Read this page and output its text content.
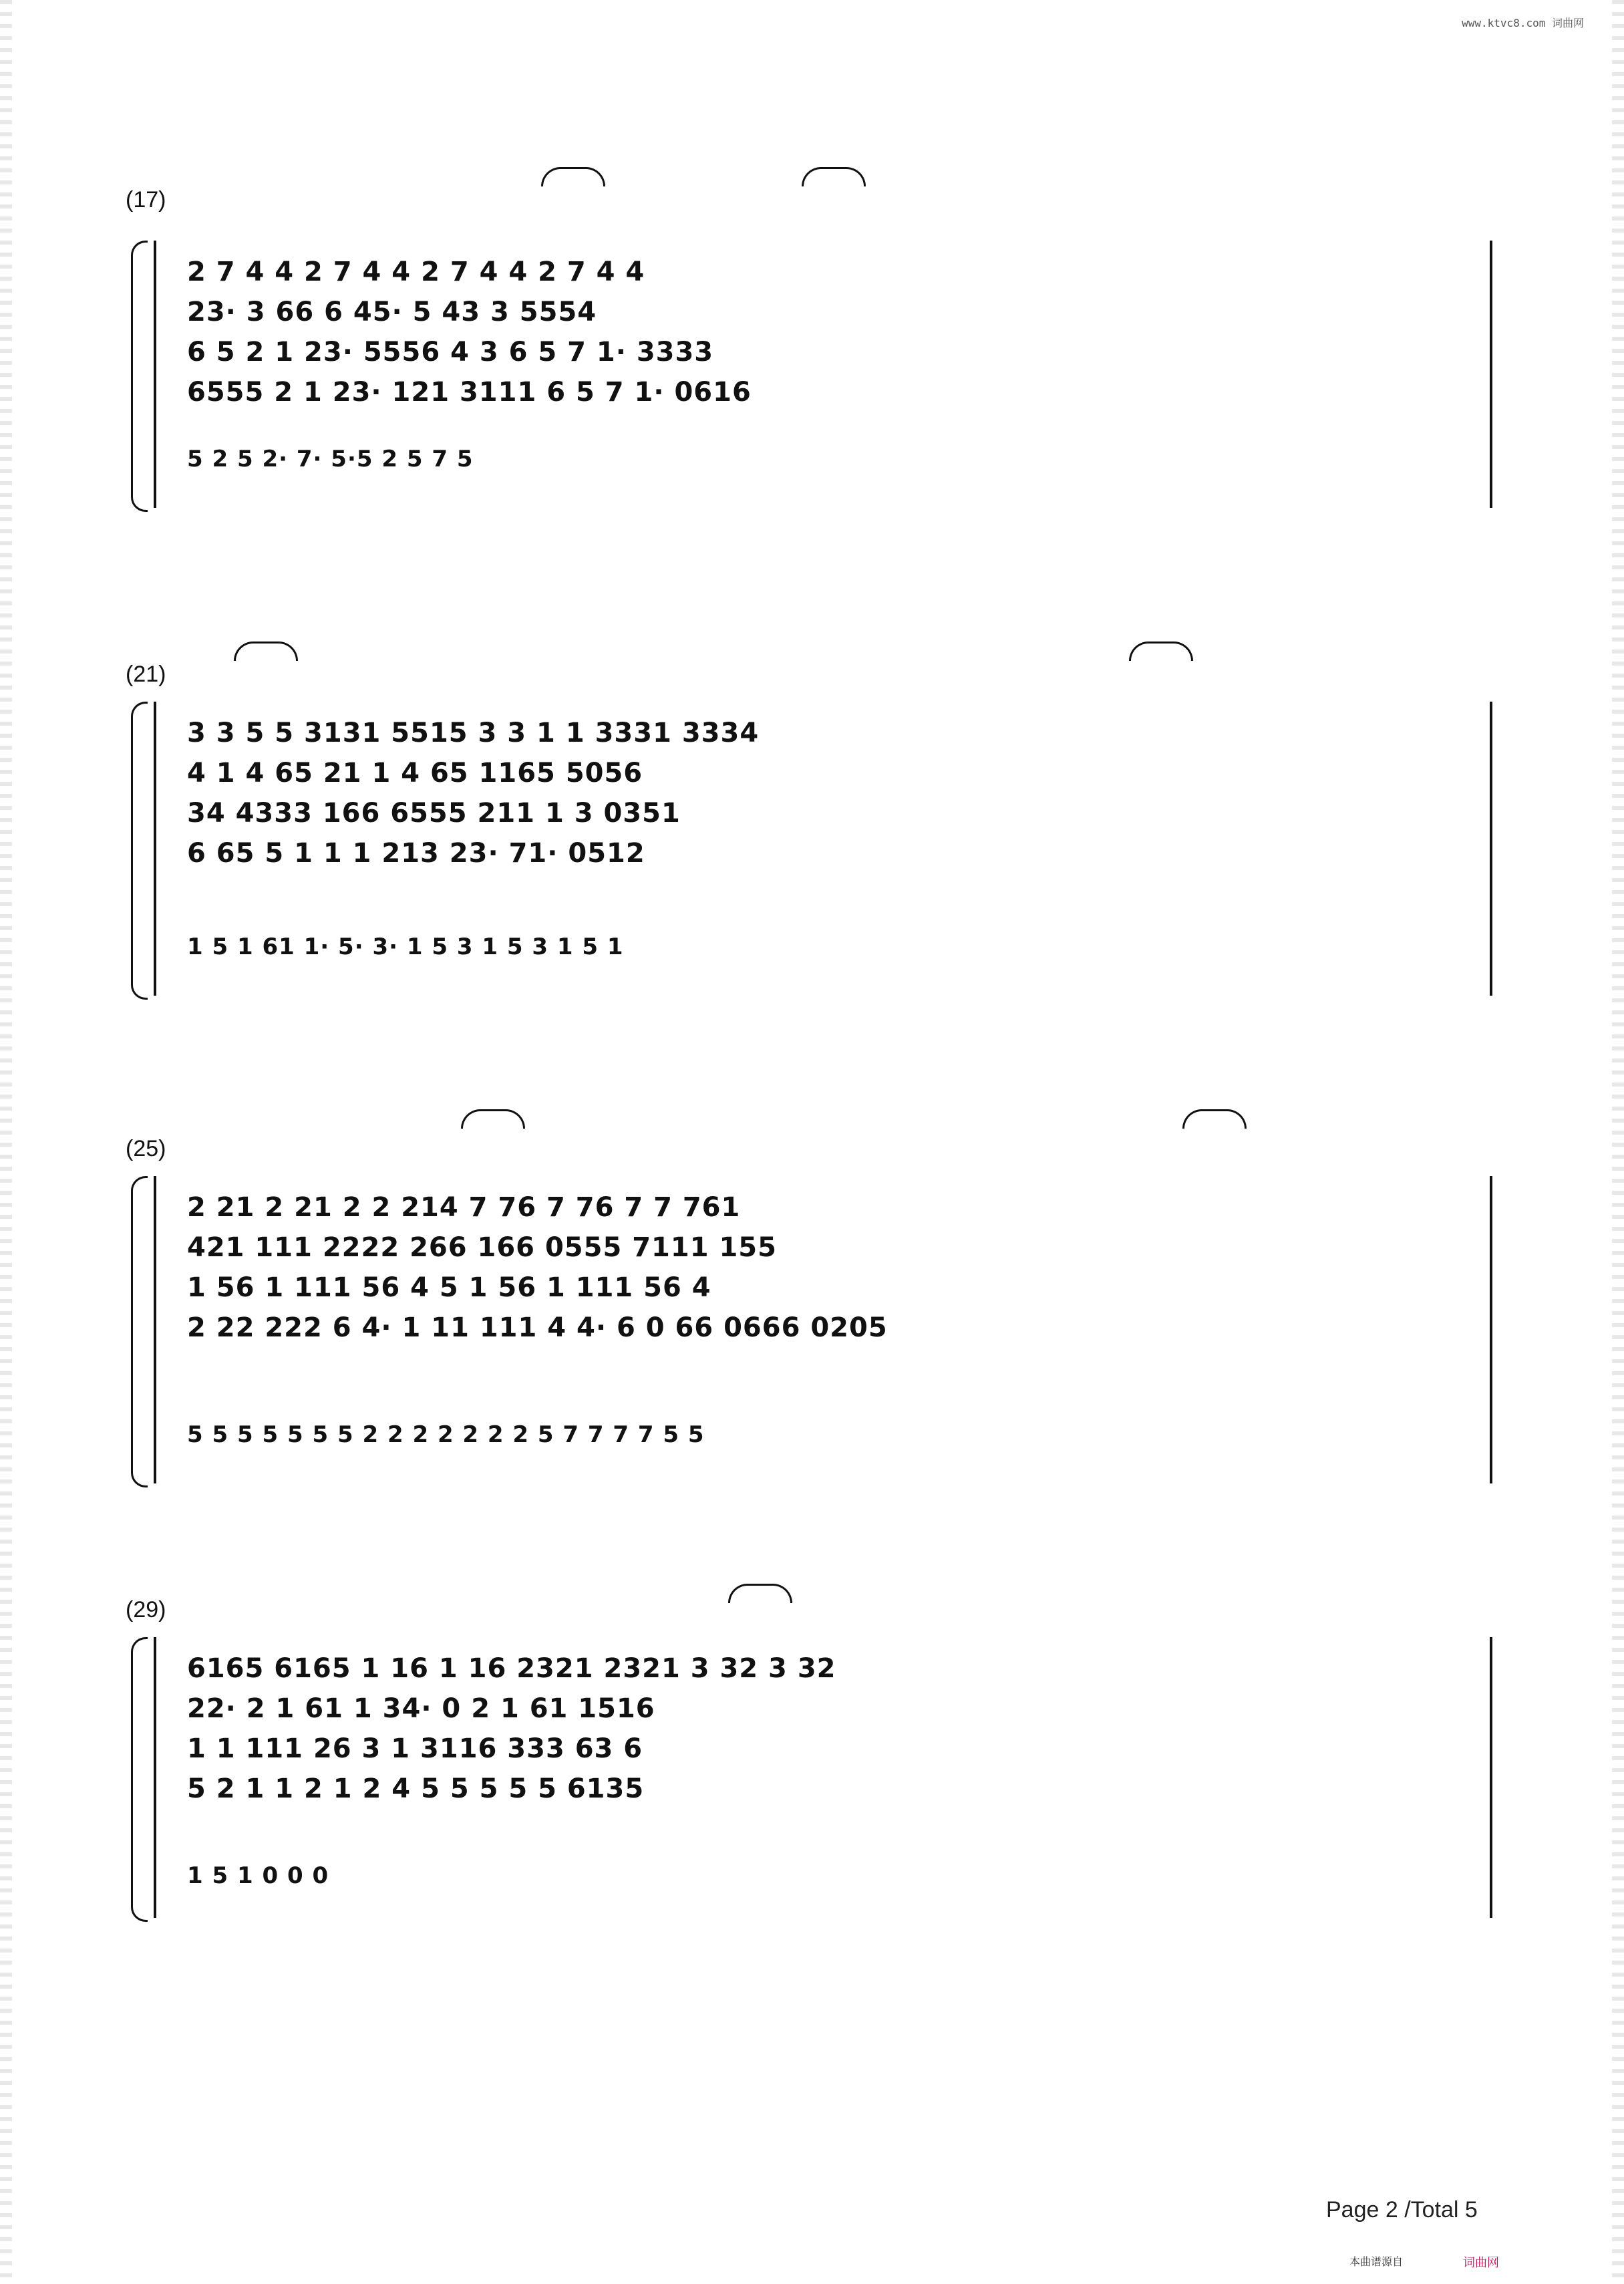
www.ktvc8.com 词曲网
(17)
2 7 4 4 2 7 4 4 2 7 4 4 2 7 4 4
23· 3 66 6 45· 5 43 3 5554
6 5 2 1 23· 5556 4 3 6 5 7 1· 3333
6555 2 1 23· 121 3111 6 5 7 1· 0616
5 2 5 2· 7· 5·5 2 5 7 5
(21)
3 3 5 5 3131 5515 3 3 1 1 3331 3334
4 1 4 65 21 1 4 65 1165 5056
34 4333 166 6555 211 1 3 0351
6 65 5 1 1 1 213 23· 71· 0512
1 5 1 61 1· 5· 3· 1 5 3 1 5 3 1 5 1
(25)
2 21 2 21 2 2 214 7 76 7 76 7 7 761
421 111 2222 266 166 0555 7111 155
1 56 1 111 56 4 5 1 56 1 111 56 4
2 22 222 6 4· 1 11 111 4 4· 6 0 66 0666 0205
5 5 5 5 5 5 5 2 2 2 2 2 2 2 5 7 7 7 7 5 5
(29)
6165 6165 1 16 1 16 2321 2321 3 32 3 32
22· 2 1 61 1 34· 0 2 1 61 1516
1 1 111 26 3 1 3116 333 63 6
5 2 1 1 2 1 2 4 5 5 5 5 5 6135
1 5 1 0 0 0
Page 2 /Total 5
本曲谱源自	词曲网
